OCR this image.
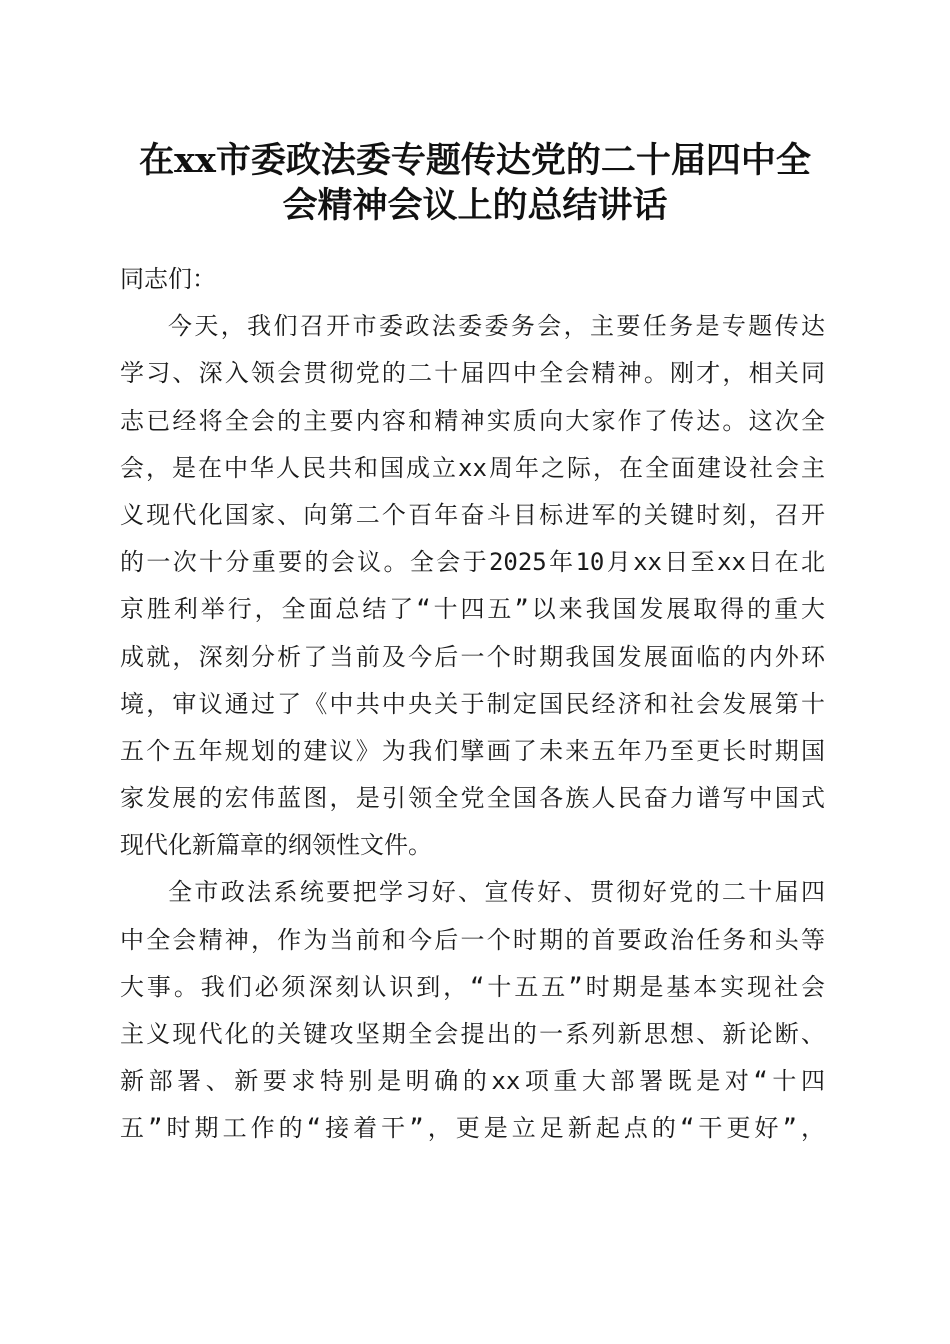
在xx市委政法委专题传达党的二十届四中全
会精神会议上的总结讲话
同志们：
今天，我们召开市委政法委委务会，主要任务是专题传达
学习、深入领会贯彻党的二十届四中全会精神。刚才，相关同
志已经将全会的主要内容和精神实质向大家作了传达。这次全
会，是在中华人民共和国成立xx周年之际，在全面建设社会主
义现代化国家、向第二个百年奋斗目标进军的关键时刻，召开
的一次十分重要的会议。全会于2025年10月xx日至xx日在北
京胜利举行，全面总结了“十四五”以来我国发展取得的重大
成就，深刻分析了当前及今后一个时期我国发展面临的内外环
境，审议通过了《中共中央关于制定国民经济和社会发展第十
五个五年规划的建议》为我们擘画了未来五年乃至更长时期国
家发展的宏伟蓝图，是引领全党全国各族人民奋力谱写中国式
现代化新篇章的纲领性文件。
全市政法系统要把学习好、宣传好、贯彻好党的二十届四
中全会精神，作为当前和今后一个时期的首要政治任务和头等
大事。我们必须深刻认识到，“十五五”时期是基本实现社会
主义现代化的关键攻坚期全会提出的一系列新思想、新论断、
新部署、新要求特别是明确的xx项重大部署既是对“十四
五”时期工作的“接着干”，更是立足新起点的“干更好”，
